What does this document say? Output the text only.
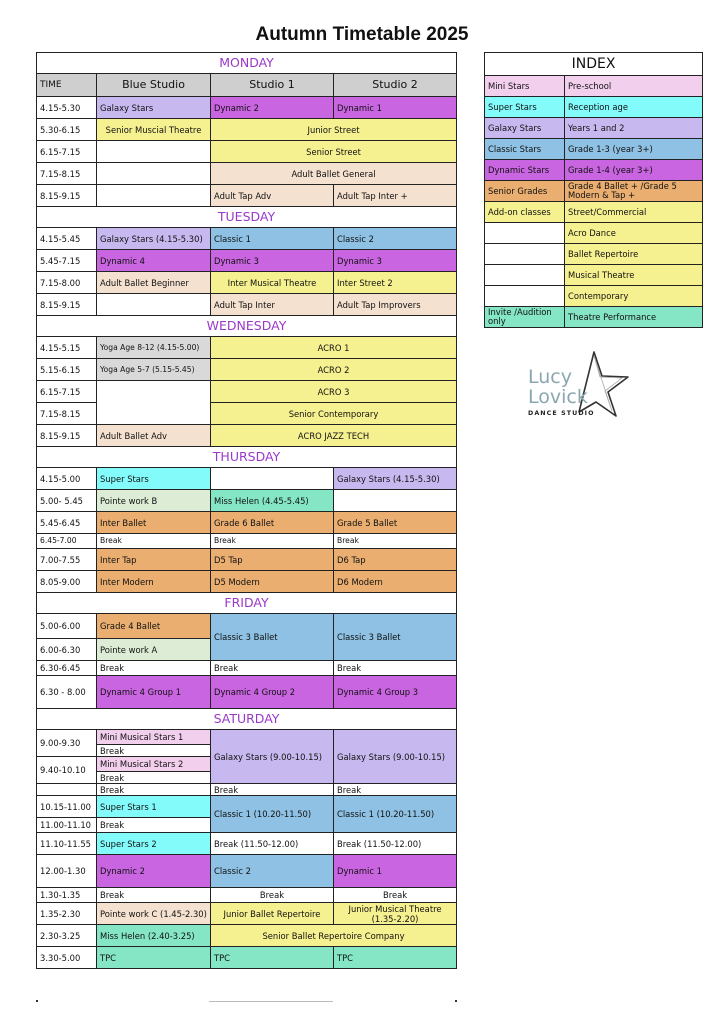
Autumn Timetable 2025
MONDAY			
TIME	Blue Studio	Studio 1	Studio 2
4.15-5.30	Galaxy Stars	Dynamic 2	Dynamic 1
5.30-6.15	Senior Muscial Theatre	Junior Street	
6.15-7.15		Senior Street	
7.15-8.15		Adult Ballet General	
8.15-9.15		Adult Tap Adv	Adult Tap Inter +
TUESDAY			
4.15-5.45	Galaxy Stars (4.15-5.30)	Classic 1	Classic 2
5.45-7.15	Dynamic 4	Dynamic 3	Dynamic 3
7.15-8.00	Adult Ballet Beginner	Inter Musical Theatre	Inter Street 2
8.15-9.15		Adult Tap Inter	Adult Tap Improvers
WEDNESDAY			
4.15-5.15	Yoga Age 8-12 (4.15-5.00)	ACRO 1	
5.15-6.15	Yoga Age 5-7 (5.15-5.45)	ACRO 2	
6.15-7.15		ACRO 3	
7.15-8.15		Senior Contemporary	
8.15-9.15	Adult Ballet Adv	ACRO JAZZ TECH	
THURSDAY			
4.15-5.00	Super Stars		Galaxy Stars (4.15-5.30)
5.00- 5.45	Pointe work B	Miss Helen (4.45-5.45)	
5.45-6.45	Inter Ballet	Grade 6 Ballet	Grade 5 Ballet
6.45-7.00	Break	Break	Break
7.00-7.55	Inter Tap	D5 Tap	D6 Tap
8.05-9.00	Inter Modern	D5 Modern	D6 Modern
FRIDAY			
5.00-6.00	Grade 4 Ballet	Classic 3 Ballet	Classic 3 Ballet
6.00-6.30	Pointe work A		
6.30-6.45	Break	Break	Break
6.30 - 8.00	Dynamic 4 Group 1	Dynamic 4 Group 2	Dynamic 4 Group 3
SATURDAY			
9.00-9.30	Mini Musical Stars 1	Galaxy Stars (9.00-10.15)	Galaxy Stars (9.00-10.15)
	Break		
9.40-10.10	Mini Musical Stars 2		
	Break		
	Break	Break	Break
10.15-11.00	Super Stars 1	Classic 1 (10.20-11.50)	Classic 1 (10.20-11.50)
11.00-11.10	Break		
11.10-11.55	Super Stars 2	Break (11.50-12.00)	Break (11.50-12.00)
12.00-1.30	Dynamic 2	Classic 2	Dynamic 1
1.30-1.35	Break	Break	Break
1.35-2.30	Pointe work C (1.45-2.30)	Junior Ballet Repertoire	Junior Musical Theatre (1.35-2.20)
2.30-3.25	Miss Helen (2.40-3.25)	Senior Ballet Repertoire Company	
3.30-5.00	TPC	TPC	TPC
INDEX	
Mini Stars	Pre-school
Super Stars	Reception age
Galaxy Stars	Years 1 and 2
Classic Stars	Grade 1-3 (year 3+)
Dynamic Stars	Grade 1-4 (year 3+)
Senior Grades	Grade 4 Ballet + /Grade 5 Modern & Tap +
Add-on classes	Street/Commercial
	Acro Dance
	Ballet Repertoire
	Musical Theatre
	Contemporary
Invite /Audition only	Theatre Performance
Lucy
Lovick
DANCE STUDIO
